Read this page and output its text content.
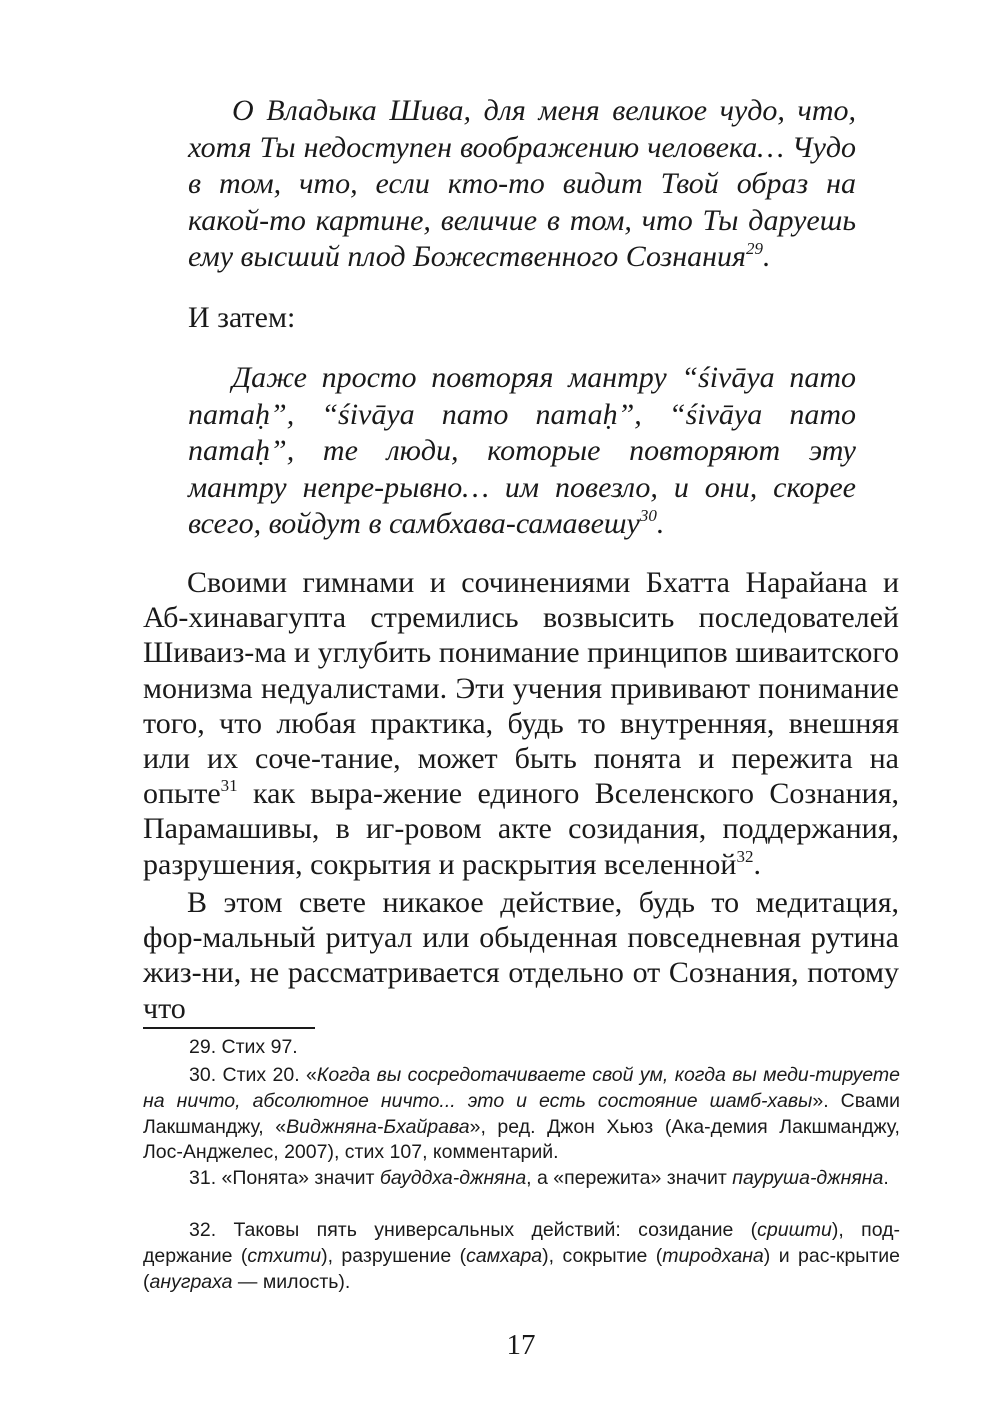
О Владыка Шива, для меня великое чудо, что, хотя Ты недоступен воображению человека… Чудо в том, что, если кто-то видит Твой образ на какой-то картине, величие в том, что Ты даруешь ему высший плод Божественного Сознания$^{29}$.
И затем:
Даже просто повторяя мантру “śivāya пато патаḥ”, “śivāya пато патаḥ”, “śivāya пато патаḥ”, те люди, которые повторяют эту мантру непре-рывно… им повезло, и они, скорее всего, войдут в самбхава-самавешу$^{30}$.
Своими гимнами и сочинениями Бхатта Нарайана и Аб-хинавагупта стремились возвысить последователей Шиваиз-ма и углубить понимание принципов шиваитского монизма недуалистами. Эти учения прививают понимание того, что любая практика, будь то внутренняя, внешняя или их соче-тание, может быть понята и пережита на опыте$^{31}$ как выра-жение единого Вселенского Сознания, Парамашивы, в иг-ровом акте созидания, поддержания, разрушения, сокрытия и раскрытия вселенной$^{32}$.
В этом свете никакое действие, будь то медитация, фор-мальный ритуал или обыденная повседневная рутина жиз-ни, не рассматривается отдельно от Сознания, потому что
29. Стих 97.
30. Стих 20. «Когда вы сосредотачиваете свой ум, когда вы меди-тируете на ничто, абсолютное ничто... это и есть состояние шамб-хавы». Свами Лакшманджу, «Виджняна-Бхайрава», ред. Джон Хьюз (Ака-демия Лакшманджу, Лос-Анджелес, 2007), стих 107, комментарий.
31. «Понята» значит бауддха-джняна, а «пережита» значит паурушa-джняна.
32. Таковы пять универсальных действий: созидание (сришти), под-держание (стхити), разрушение (самхара), сокрытие (тиродхана) и рас-крытие (ануграха — милость).
17
